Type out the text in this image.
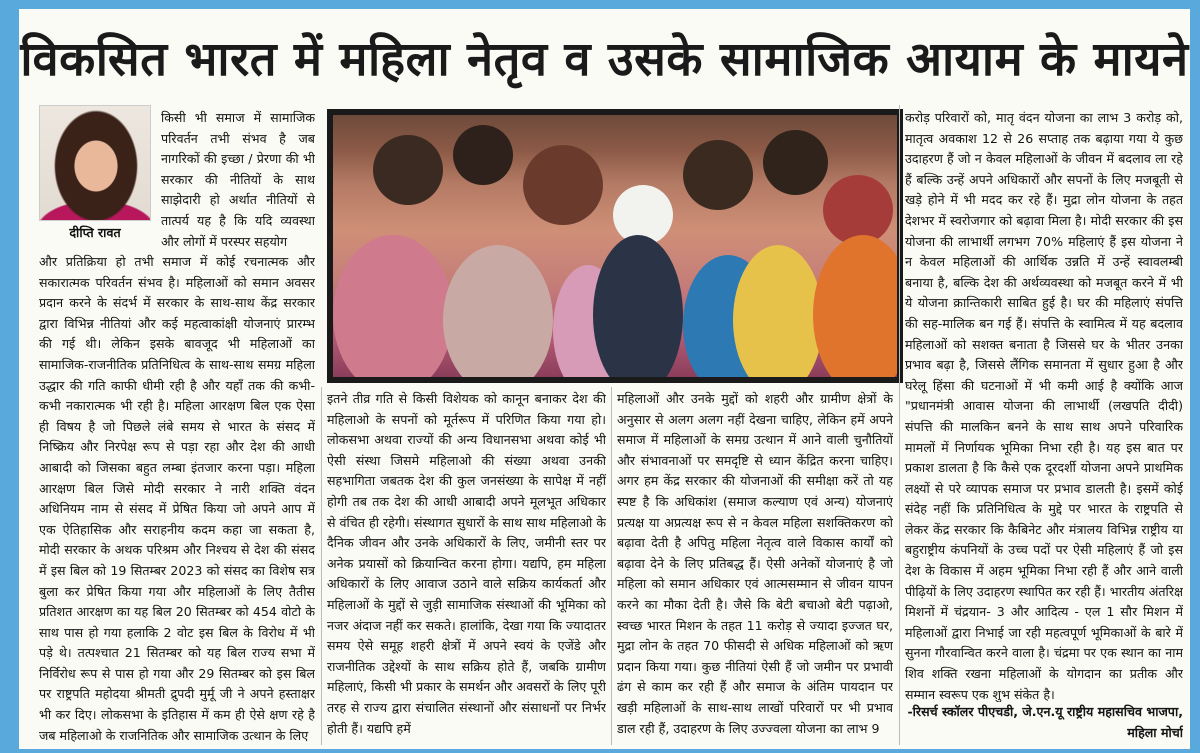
विकसित भारत में महिला नेतृव व उसके सामाजिक आयाम के मायने
दीप्ति रावत

किसी भी समाज में सामाजिक परिवर्तन तभी संभव है जब नागरिकों की इच्छा / प्रेरणा की भी सरकार की नीतियों के साथ साझेदारी हो अर्थात नीतियों से तात्पर्य यह है कि यदि व्यवस्था और लोगों में परस्पर सहयोग

और प्रतिक्रिया हो तभी समाज में कोई रचनात्मक और सकारात्मक परिवर्तन संभव है। महिलाओं को समान अवसर प्रदान करने के संदर्भ में सरकार के साथ-साथ केंद्र सरकार द्वारा विभिन्न नीतियां और कई महत्वाकांक्षी योजनाएं प्रारम्भ की गई थी। लेकिन इसके बावजूद भी महिलाओं का सामाजिक-राजनीतिक प्रतिनिधित्व के साथ-साथ समग्र महिला उद्धार की गति काफी धीमी रही है और यहाँ तक की कभी-कभी नकारात्मक भी रही है। महिला आरक्षण बिल एक ऐसा ही विषय है जो पिछले लंबे समय से भारत के संसद में निष्क्रिय और निरपेक्ष रूप से पड़ा रहा और देश की आधी आबादी को जिसका बहुत लम्बा इंतजार करना पड़ा। महिला आरक्षण बिल जिसे मोदी सरकार ने नारी शक्ति वंदन अधिनियम नाम से संसद में प्रेषित किया जो अपने आप में एक ऐतिहासिक और सराहनीय कदम कहा जा सकता है, मोदी सरकार के अथक परिश्रम और निश्चय से देश की संसद में इस बिल को 19 सितम्बर 2023 को संसद का विशेष सत्र बुला कर प्रेषित किया गया और महिलाओं के लिए तैतीस प्रतिशत आरक्षण का यह बिल 20 सितम्बर को 454 वोटो के साथ पास हो गया हलाकि 2 वोट इस बिल के विरोध में भी पड़े थे। तत्पश्चात 21 सितम्बर को यह बिल राज्य सभा में निर्विरोध रूप से पास हो गया और 29 सितम्बर को इस बिल पर राष्ट्रपति महोदया श्रीमती द्रुपदी मुर्मू जी ने अपने हस्ताक्षर भी कर दिए। लोकसभा के इतिहास में कम ही ऐसे क्षण रहे है जब महिलाओ के राजनितिक और सामाजिक उत्थान के लिए

इतने तीव्र गति से किसी विशेयक को कानून बनाकर देश की महिलाओ के सपनों को मूर्तरूप में परिणित किया गया हो। लोकसभा अथवा राज्यों की अन्य विधानसभा अथवा कोई भी ऐसी संस्था जिसमे महिलाओ की संख्या अथवा उनकी सहभागिता जबतक देश की कुल जनसंख्या के सापेक्ष में नहीं होगी तब तक देश की आधी आबादी अपने मूलभूत अधिकार से वंचित ही रहेगी। संस्थागत सुधारों के साथ साथ महिलाओ के दैनिक जीवन और उनके अधिकारों के लिए, जमीनी स्तर पर अनेक प्रयासों को क्रियान्वित करना होगा। यद्यपि, हम महिला अधिकारों के लिए आवाज उठाने वाले सक्रिय कार्यकर्ता और महिलाओं के मुद्दों से जुड़ी सामाजिक संस्थाओं की भूमिका को नजर अंदाज नहीं कर सकते। हालांकि, देखा गया कि ज्यादातर समय ऐसे समूह शहरी क्षेत्रों में अपने स्वयं के एजेंडे और राजनीतिक उद्देश्यों के साथ सक्रिय होते हैं, जबकि ग्रामीण महिलाएं, किसी भी प्रकार के समर्थन और अवसरों के लिए पूरी तरह से राज्य द्वारा संचालित संस्थानों और संसाधनों पर निर्भर होती हैं। यद्यपि हमें

महिलाओं और उनके मुद्दों को शहरी और ग्रामीण क्षेत्रों के अनुसार से अलग अलग नहीं देखना चाहिए, लेकिन हमें अपने समाज में महिलाओं के समग्र उत्थान में आने वाली चुनौतियों और संभावनाओं पर समदृष्टि से ध्यान केंद्रित करना चाहिए। अगर हम केंद्र सरकार की योजनाओं की समीक्षा करें तो यह स्पष्ट है कि अधिकांश (समाज कल्याण एवं अन्य) योजनाएं प्रत्यक्ष या अप्रत्यक्ष रूप से न केवल महिला सशक्तिकरण को बढ़ावा देती है अपितु महिला नेतृत्व वाले विकास कार्यों को बढ़ावा देने के लिए प्रतिबद्ध हैं। ऐसी अनेकों योजनाएं है जो महिला को समान अधिकार एवं आत्मसम्मान से जीवन यापन करने का मौका देती है। जैसे कि बेटी बचाओ बेटी पढ़ाओ, स्वच्छ भारत मिशन के तहत 11 करोड़ से ज्यादा इज्जत घर, मुद्रा लोन के तहत 70 फीसदी से अधिक महिलाओं को ऋण प्रदान किया गया। कुछ नीतियां ऐसी हैं जो जमीन पर प्रभावी ढंग से काम कर रही हैं और समाज के अंतिम पायदान पर खड़ी महिलाओं के साथ-साथ लाखों परिवारों पर भी प्रभाव डाल रही हैं, उदाहरण के लिए उज्ज्वला योजना का लाभ 9

करोड़ परिवारों को, मातृ वंदन योजना का लाभ 3 करोड़ को, मातृत्व अवकाश 12 से 26 सप्ताह तक बढ़ाया गया ये कुछ उदाहरण हैं जो न केवल महिलाओं के जीवन में बदलाव ला रहे हैं बल्कि उन्हें अपने अधिकारों और सपनों के लिए मजबूती से खड़े होने में भी मदद कर रहे हैं। मुद्रा लोन योजना के तहत देशभर में स्वरोजगार को बढ़ावा मिला है। मोदी सरकार की इस योजना की लाभार्थी लगभग 70% महिलाएं हैं इस योजना ने न केवल महिलाओं की आर्थिक उन्नति में उन्हें स्वावलम्बी बनाया है, बल्कि देश की अर्थव्यवस्था को मजबूत करने में भी ये योजना क्रान्तिकारी साबित हुई है। घर की महिलाएं संपत्ति की सह-मालिक बन गई हैं। संपत्ति के स्वामित्व में यह बदलाव महिलाओं को सशक्त बनाता है जिससे घर के भीतर उनका प्रभाव बढ़ा है, जिससे लैंगिक समानता में सुधार हुआ है और घरेलू हिंसा की घटनाओं में भी कमी आई है क्योंकि आज "प्रधानमंत्री आवास योजना की लाभार्थी (लखपति दीदी) संपत्ति की मालकिन बनने के साथ साथ अपने परिवारिक मामलों में निर्णायक भूमिका निभा रही है। यह इस बात पर प्रकाश डालता है कि कैसे एक दूरदर्शी योजना अपने प्राथमिक लक्ष्यों से परे व्यापक समाज पर प्रभाव डालती है। इसमें कोई संदेह नहीं कि प्रतिनिधित्व के मुद्दे पर भारत के राष्ट्रपति से लेकर केंद्र सरकार कि कैबिनेट और मंत्रालय विभिन्न राष्ट्रीय या बहुराष्ट्रीय कंपनियों के उच्च पदों पर ऐसी महिलाएं हैं जो इस देश के विकास में अहम भूमिका निभा रही हैं और आने वाली पीढ़ियों के लिए उदाहरण स्थापित कर रही हैं। भारतीय अंतरिक्ष मिशनों में चंद्रयान- 3 और आदित्य - एल 1 सौर मिशन में महिलाओं द्वारा निभाई जा रही महत्वपूर्ण भूमिकाओं के बारे में सुनना गौरवान्वित करने वाला है। चंद्रमा पर एक स्थान का नाम शिव शक्ति रखना महिलाओं के योगदान का प्रतीक और सम्मान स्वरूप एक शुभ संकेत है।

-रिसर्च स्कॉलर पीएचडी, जे.एन.यू राष्ट्रीय महासचिव भाजपा, महिला मोर्चा
